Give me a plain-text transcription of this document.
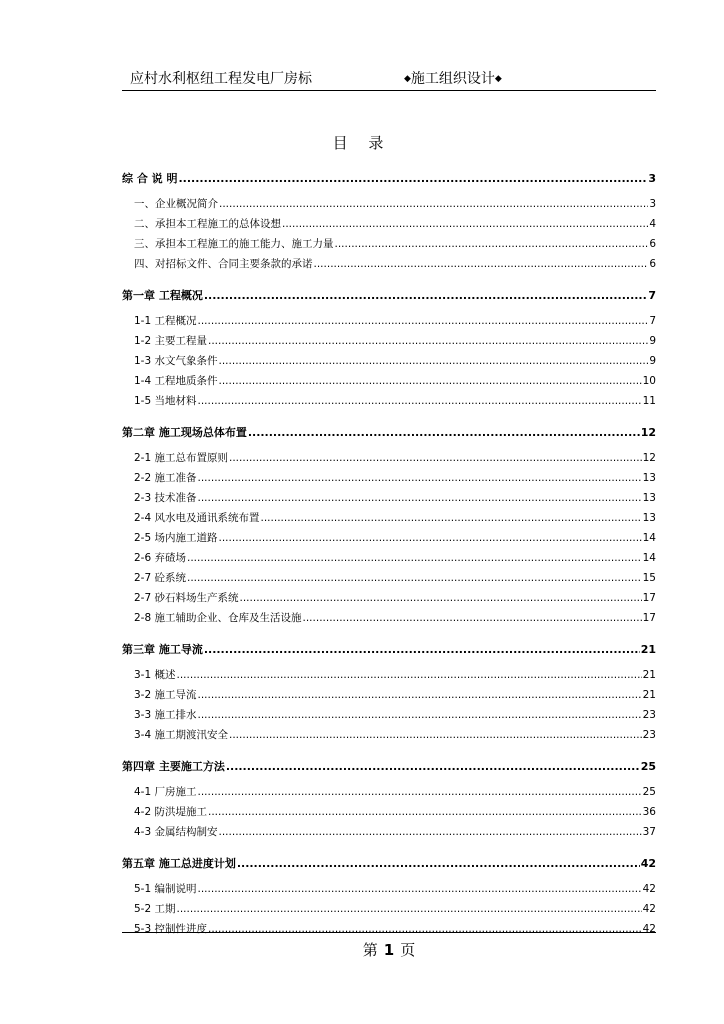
应村水利枢纽工程发电厂房标	◆施工组织设计◆
目 录
综 合 说 明 .....	3
一、企业概况简介 .....	3
二、承担本工程施工的总体设想 .....	4
三、承担本工程施工的施工能力、施工力量 .....	6
四、对招标文件、合同主要条款的承诺 .....	6
第一章 工程概况 .....	7
1-1 工程概况 .....	7
1-2 主要工程量 .....	9
1-3 水文气象条件 .....	9
1-4 工程地质条件 .....	10
1-5 当地材料 .....	11
第二章 施工现场总体布置 .....	12
2-1 施工总布置原则 .....	12
2-2 施工准备 .....	13
2-3 技术准备 .....	13
2-4 风水电及通讯系统布置 .....	13
2-5 场内施工道路 .....	14
2-6 弃碴场 .....	14
2-7 砼系统 .....	15
2-7 砂石料场生产系统 .....	17
2-8 施工辅助企业、仓库及生活设施 .....	17
第三章 施工导流 .....	21
3-1 概述 .....	21
3-2 施工导流 .....	21
3-3 施工排水 .....	23
3-4 施工期渡汛安全 .....	23
第四章 主要施工方法 .....	25
4-1 厂房施工 .....	25
4-2 防洪堤施工 .....	36
4-3 金属结构制安 .....	37
第五章 施工总进度计划 .....	42
5-1 编制说明 .....	42
5-2 工期 .....	42
5-3 控制性进度 .....	42
第 1 页
